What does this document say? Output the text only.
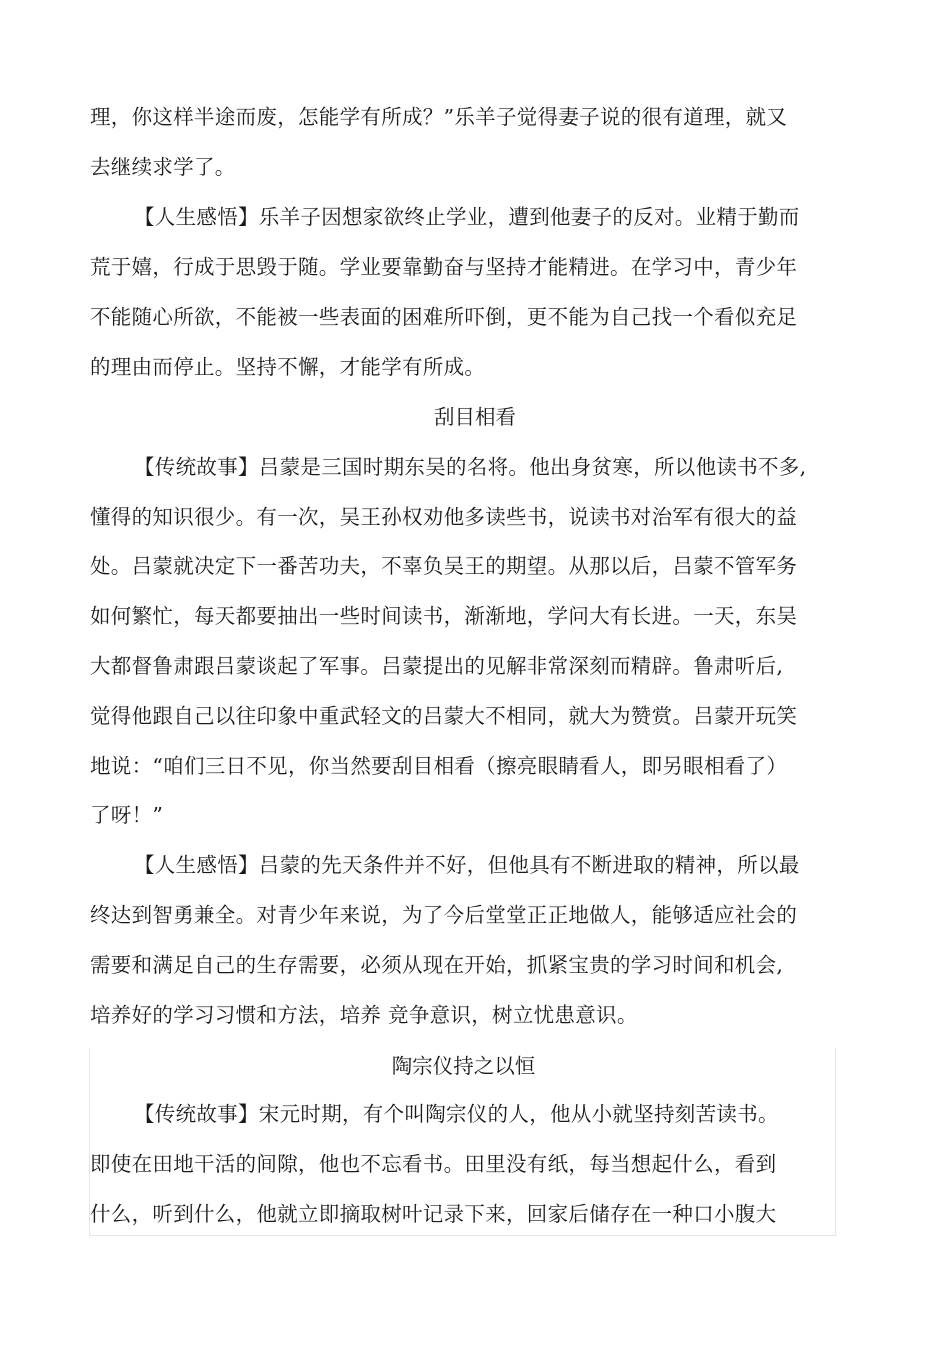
理，你这样半途而废，怎能学有所成？”乐羊子觉得妻子说的很有道理，就又
去继续求学了。
【人生感悟】乐羊子因想家欲终止学业，遭到他妻子的反对。业精于勤而
荒于嬉，行成于思毁于随。学业要靠勤奋与坚持才能精进。在学习中，青少年
不能随心所欲，不能被一些表面的困难所吓倒，更不能为自己找一个看似充足
的理由而停止。坚持不懈，才能学有所成。
刮目相看
【传统故事】吕蒙是三国时期东吴的名将。他出身贫寒，所以他读书不多,
懂得的知识很少。有一次，吴王孙权劝他多读些书，说读书对治军有很大的益
处。吕蒙就决定下一番苦功夫，不辜负吴王的期望。从那以后，吕蒙不管军务
如何繁忙，每天都要抽出一些时间读书，渐渐地，学问大有长进。一天，东吴
大都督鲁肃跟吕蒙谈起了军事。吕蒙提出的见解非常深刻而精辟。鲁肃听后,
觉得他跟自己以往印象中重武轻文的吕蒙大不相同，就大为赞赏。吕蒙开玩笑
地说：“咱们三日不见，你当然要刮目相看（擦亮眼睛看人，即另眼相看了）
了呀！”
【人生感悟】吕蒙的先天条件并不好，但他具有不断进取的精神，所以最
终达到智勇兼全。对青少年来说，为了今后堂堂正正地做人，能够适应社会的
需要和满足自己的生存需要，必须从现在开始，抓紧宝贵的学习时间和机会,
培养好的学习习惯和方法，培养 竞争意识，树立忧患意识。
陶宗仪持之以恒
【传统故事】宋元时期，有个叫陶宗仪的人，他从小就坚持刻苦读书。
即使在田地干活的间隙，他也不忘看书。田里没有纸，每当想起什么，看到
什么，听到什么，他就立即摘取树叶记录下来，回家后储存在一种口小腹大
